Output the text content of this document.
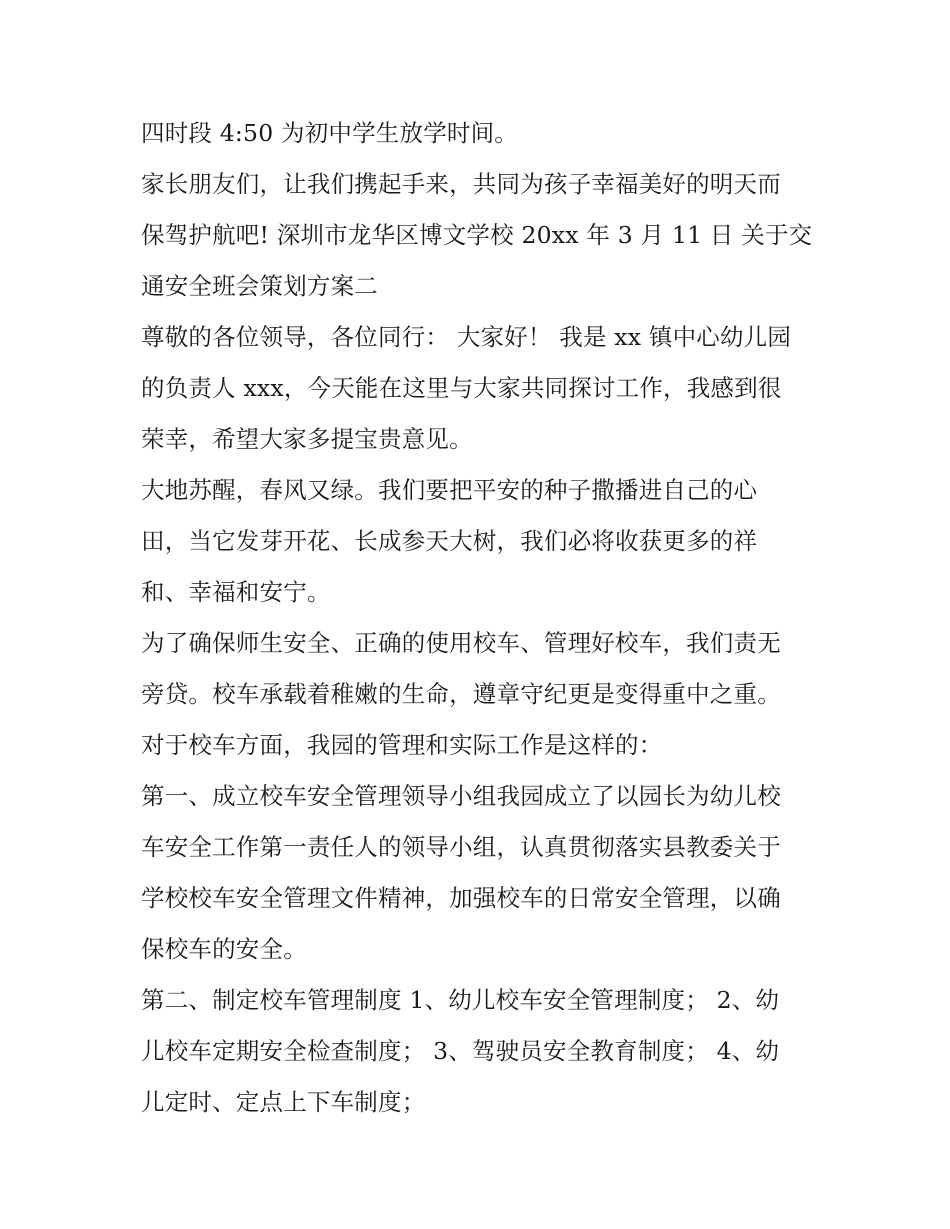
四时段 4:50 为初中学生放学时间。
家长朋友们，让我们携起手来，共同为孩子幸福美好的明天而
保驾护航吧! 深圳市龙华区博文学校 20xx 年 3 月 11 日 关于交
通安全班会策划方案二
尊敬的各位领导，各位同行： 大家好！ 我是 xx 镇中心幼儿园
的负责人 xxx，今天能在这里与大家共同探讨工作，我感到很
荣幸，希望大家多提宝贵意见。
大地苏醒，春风又绿。我们要把平安的种子撒播进自己的心
田，当它发芽开花、长成参天大树，我们必将收获更多的祥
和、幸福和安宁。
为了确保师生安全、正确的使用校车、管理好校车，我们责无
旁贷。校车承载着稚嫩的生命，遵章守纪更是变得重中之重。
对于校车方面，我园的管理和实际工作是这样的：
第一、成立校车安全管理领导小组我园成立了以园长为幼儿校
车安全工作第一责任人的领导小组，认真贯彻落实县教委关于
学校校车安全管理文件精神，加强校车的日常安全管理，以确
保校车的安全。
第二、制定校车管理制度 1、幼儿校车安全管理制度； 2、幼
儿校车定期安全检查制度； 3、驾驶员安全教育制度； 4、幼
儿定时、定点上下车制度；
